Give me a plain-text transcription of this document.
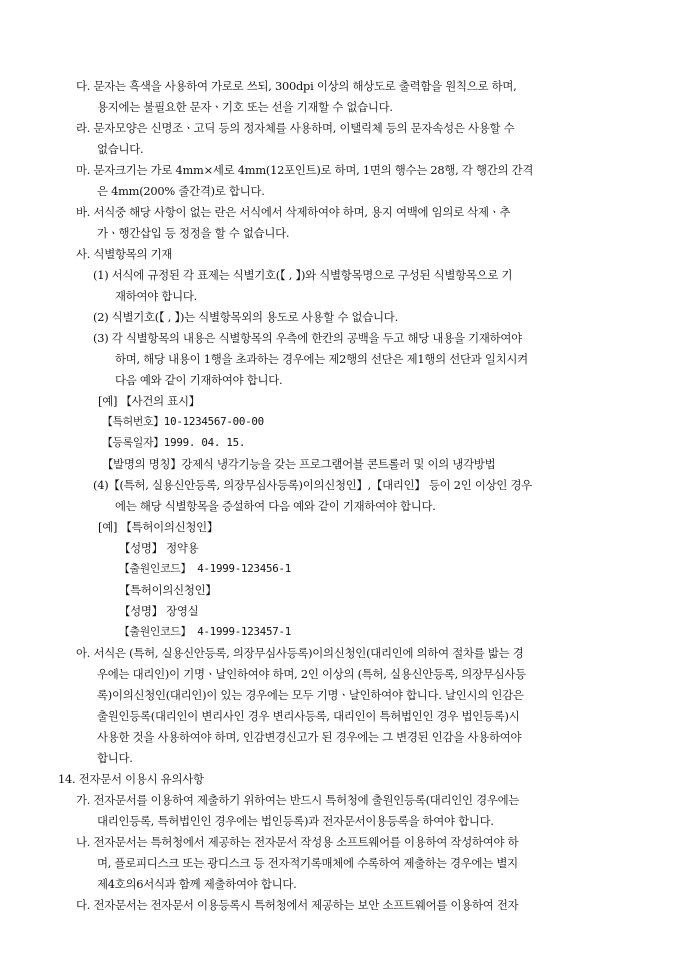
다. 문자는 흑색을 사용하여 가로로 쓰되, 300dpi 이상의 해상도로 출력함을 원칙으로 하며,
용지에는 불필요한 문자ㆍ기호 또는 선을 기재할 수 없습니다.
라. 문자모양은 신명조ㆍ고딕 등의 정자체를 사용하며, 이탤릭체 등의 문자속성은 사용할 수
없습니다.
마. 문자크기는 가로 4mm×세로 4mm(12포인트)로 하며, 1면의 행수는 28행, 각 행간의 간격
은 4mm(200% 줄간격)로 합니다.
바. 서식중 해당 사항이 없는 란은 서식에서 삭제하여야 하며, 용지 여백에 임의로 삭제ㆍ추
가ㆍ행간삽입 등 정정을 할 수 없습니다.
사. 식별항목의 기재
(1) 서식에 규정된 각 표제는 식별기호(【 , 】)와 식별항목명으로 구성된 식별항목으로 기
재하여야 합니다.
(2) 식별기호(【 , 】)는 식별항목외의 용도로 사용할 수 없습니다.
(3) 각 식별항목의 내용은 식별항목의 우측에 한칸의 공백을 두고 해당 내용을 기재하여야
하며, 해당 내용이 1행을 초과하는 경우에는 제2행의 선단은 제1행의 선단과 일치시켜
다음 예와 같이 기재하여야 합니다.
[예] 【사건의 표시】
【특허번호】10-1234567-00-00
【등록일자】1999. 04. 15.
【발명의 명칭】강제식 냉각기능을 갖는 프로그램어블 콘트롤러 및 이의 냉각방법
(4)【(특허, 실용신안등록, 의장무심사등록)이의신청인】,【대리인】 등이 2인 이상인 경우
에는 해당 식별항목을 증설하여 다음 예와 같이 기재하여야 합니다.
[예] 【특허이의신청인】
【성명】 정약용
【출원인코드】 4-1999-123456-1
【특허이의신청인】
【성명】 장영실
【출원인코드】 4-1999-123457-1
아. 서식은 (특허, 실용신안등록, 의장무심사등록)이의신청인(대리인에 의하여 절차를 밟는 경
우에는 대리인)이 기명ㆍ날인하여야 하며, 2인 이상의 (특허, 실용신안등록, 의장무심사등
록)이의신청인(대리인)이 있는 경우에는 모두 기명ㆍ날인하여야 합니다. 날인시의 인감은
출원인등록(대리인이 변리사인 경우 변리사등록, 대리인이 특허법인인 경우 법인등록)시
사용한 것을 사용하여야 하며, 인감변경신고가 된 경우에는 그 변경된 인감을 사용하여야
합니다.
14. 전자문서 이용시 유의사항
가. 전자문서를 이용하여 제출하기 위하여는 반드시 특허청에 출원인등록(대리인인 경우에는
대리인등록, 특허법인인 경우에는 법인등록)과 전자문서이용등록을 하여야 합니다.
나. 전자문서는 특허청에서 제공하는 전자문서 작성용 소프트웨어를 이용하여 작성하여야 하
며, 플로피디스크 또는 광디스크 등 전자적기록매체에 수록하여 제출하는 경우에는 별지
제4호의6서식과 함께 제출하여야 합니다.
다. 전자문서는 전자문서 이용등록시 특허청에서 제공하는 보안 소프트웨어를 이용하여 전자
